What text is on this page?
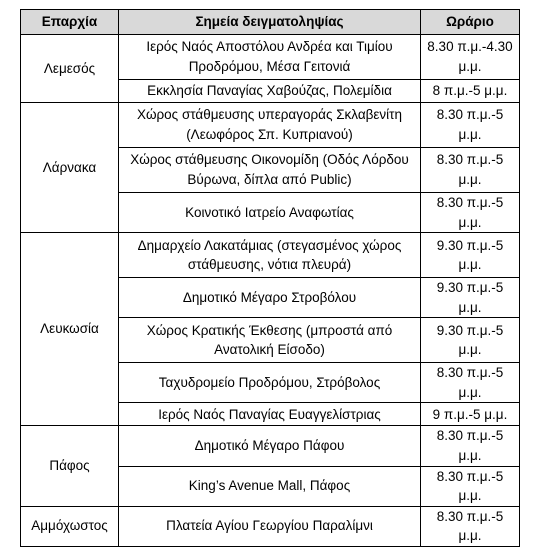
Επαρχία	Σημεία δειγματοληψίας	Ωράριο
Λεμεσός	Ιερός Ναός Αποστόλου Ανδρέα και Τιμίου Προδρόμου, Μέσα Γειτονιά	8.30 π.μ.-4.30 μ.μ.
	Εκκλησία Παναγίας Χαβούζας, Πολεμίδια	8 π.μ.-5 μ.μ.
Λάρνακα	Χώρος στάθμευσης υπεραγοράς Σκλαβενίτη (Λεωφόρος Σπ. Κυπριανού)	8.30 π.μ.-5 μ.μ.
	Χώρος στάθμευσης Οικονομίδη (Οδός Λόρδου Βύρωνα, δίπλα από Public)	8.30 π.μ.-5 μ.μ.
	Κοινοτικό Ιατρείο Αναφωτίας	8.30 π.μ.-5 μ.μ.
Λευκωσία	Δημαρχείο Λακατάμιας (στεγασμένος χώρος στάθμευσης, νότια πλευρά)	9.30 π.μ.-5 μ.μ.
	Δημοτικό Μέγαρο Στροβόλου	9.30 π.μ.-5 μ.μ.
	Χώρος Κρατικής Έκθεσης (μπροστά από Ανατολική Είσοδο)	9.30 π.μ.-5 μ.μ.
	Ταχυδρομείο Προδρόμου, Στρόβολος	8.30 π.μ.-5 μ.μ.
	Ιερός Ναός Παναγίας Ευαγγελίστριας	9 π.μ.-5 μ.μ.
Πάφος	Δημοτικό Μέγαρο Πάφου	8.30 π.μ.-5 μ.μ.
	King’s Avenue Mall, Πάφος	8.30 π.μ.-5 μ.μ.
Αμμόχωστος	Πλατεία Αγίου Γεωργίου Παραλίμνι	8.30 π.μ.-5 μ.μ.
